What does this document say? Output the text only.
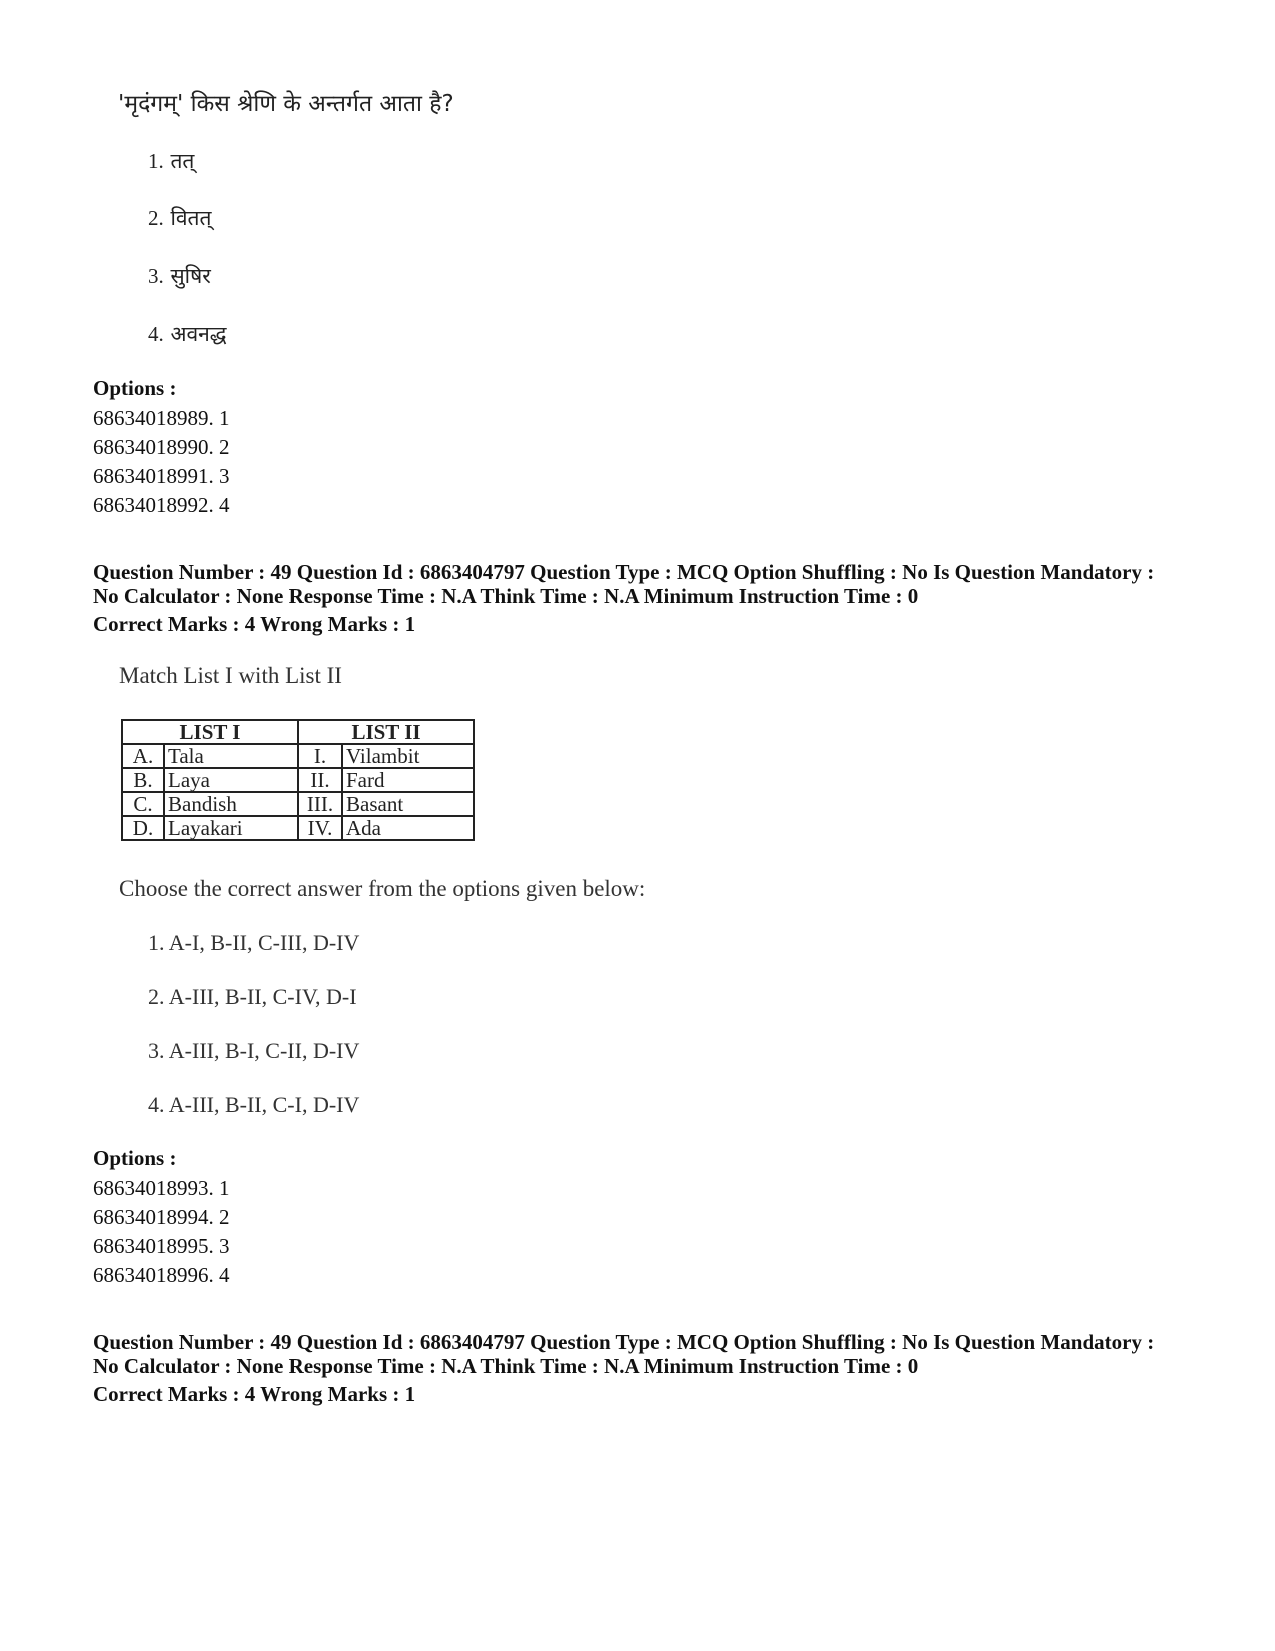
'मृदंगम्' किस श्रेणि के अन्तर्गत आता है?
1. तत्
2. वितत्
3. सुषिर
4. अवनद्ध
Options :
68634018989. 1
68634018990. 2
68634018991. 3
68634018992. 4
Question Number : 49 Question Id : 6863404797 Question Type : MCQ Option Shuffling : No Is Question Mandatory :
No Calculator : None Response Time : N.A Think Time : N.A Minimum Instruction Time : 0
Correct Marks : 4 Wrong Marks : 1
Match List I with List II
LIST I		LIST II	
A.	Tala	I.	Vilambit
B.	Laya	II.	Fard
C.	Bandish	III.	Basant
D.	Layakari	IV.	Ada
Choose the correct answer from the options given below:
1. A-I, B-II, C-III, D-IV
2. A-III, B-II, C-IV, D-I
3. A-III, B-I, C-II, D-IV
4. A-III, B-II, C-I, D-IV
Options :
68634018993. 1
68634018994. 2
68634018995. 3
68634018996. 4
Question Number : 49 Question Id : 6863404797 Question Type : MCQ Option Shuffling : No Is Question Mandatory :
No Calculator : None Response Time : N.A Think Time : N.A Minimum Instruction Time : 0
Correct Marks : 4 Wrong Marks : 1
